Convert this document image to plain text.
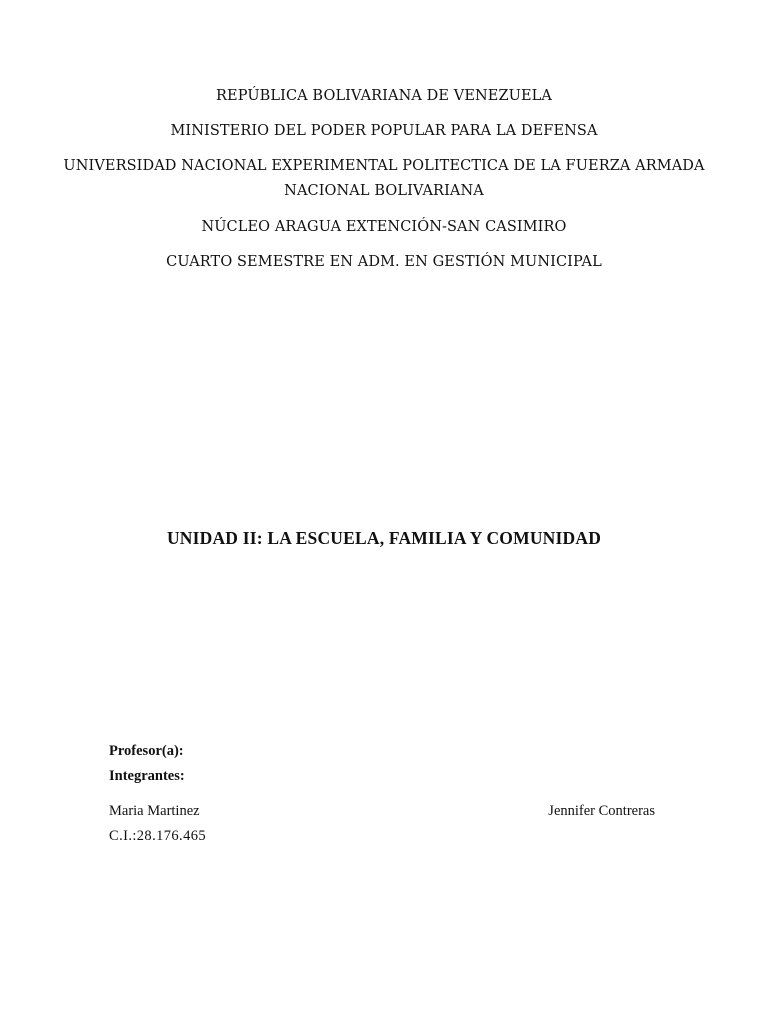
REPÚBLICA BOLIVARIANA DE VENEZUELA
MINISTERIO DEL PODER POPULAR PARA LA DEFENSA
UNIVERSIDAD NACIONAL EXPERIMENTAL POLITECTICA DE LA FUERZA ARMADA NACIONAL BOLIVARIANA
NÚCLEO ARAGUA EXTENCIÓN-SAN CASIMIRO
CUARTO SEMESTRE EN ADM. EN GESTIÓN MUNICIPAL
UNIDAD II: LA ESCUELA, FAMILIA Y COMUNIDAD
Profesor(a):
Integrantes:
Maria Martinez
C.I.:28.176.465
Jennifer Contreras
